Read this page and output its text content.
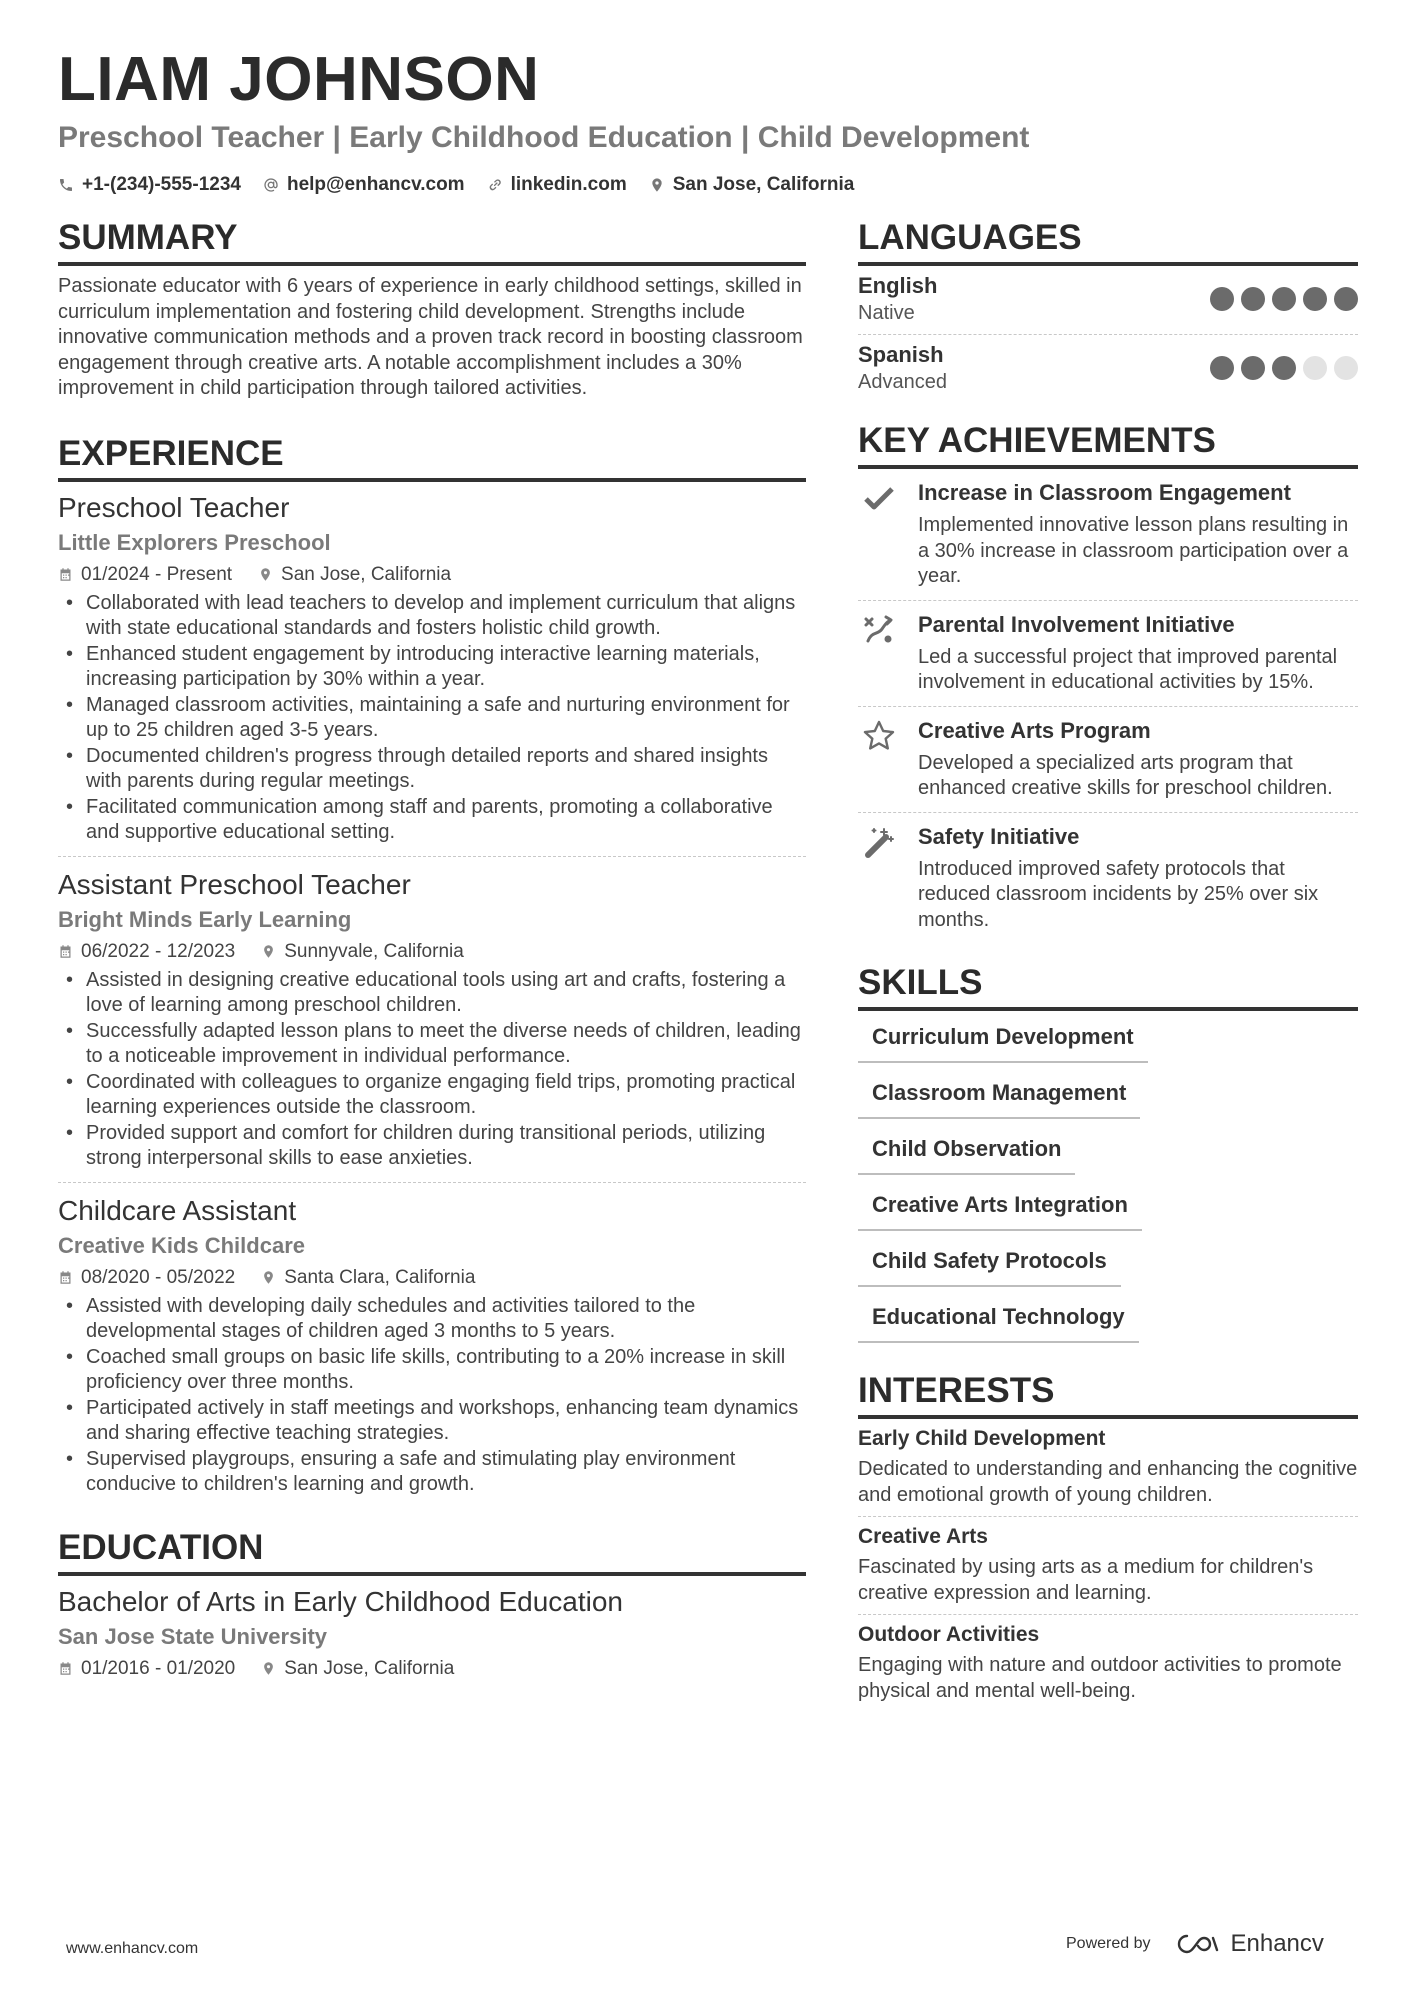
LIAM JOHNSON
Preschool Teacher | Early Childhood Education | Child Development
+1-(234)-555-1234 help@enhancv.com linkedin.com San Jose, California
SUMMARY
Passionate educator with 6 years of experience in early childhood settings, skilled in curriculum implementation and fostering child development. Strengths include innovative communication methods and a proven track record in boosting classroom engagement through creative arts. A notable accomplishment includes a 30% improvement in child participation through tailored activities.
EXPERIENCE
Preschool Teacher
Little Explorers Preschool
01/2024 - Present	San Jose, California
• Collaborated with lead teachers to develop and implement curriculum that aligns with state educational standards and fosters holistic child growth.
• Enhanced student engagement by introducing interactive learning materials, increasing participation by 30% within a year.
• Managed classroom activities, maintaining a safe and nurturing environment for up to 25 children aged 3-5 years.
• Documented children's progress through detailed reports and shared insights with parents during regular meetings.
• Facilitated communication among staff and parents, promoting a collaborative and supportive educational setting.
Assistant Preschool Teacher
Bright Minds Early Learning
06/2022 - 12/2023	Sunnyvale, California
• Assisted in designing creative educational tools using art and crafts, fostering a love of learning among preschool children.
• Successfully adapted lesson plans to meet the diverse needs of children, leading to a noticeable improvement in individual performance.
• Coordinated with colleagues to organize engaging field trips, promoting practical learning experiences outside the classroom.
• Provided support and comfort for children during transitional periods, utilizing strong interpersonal skills to ease anxieties.
Childcare Assistant
Creative Kids Childcare
08/2020 - 05/2022	Santa Clara, California
• Assisted with developing daily schedules and activities tailored to the developmental stages of children aged 3 months to 5 years.
• Coached small groups on basic life skills, contributing to a 20% increase in skill proficiency over three months.
• Participated actively in staff meetings and workshops, enhancing team dynamics and sharing effective teaching strategies.
• Supervised playgroups, ensuring a safe and stimulating play environment conducive to children's learning and growth.
EDUCATION
Bachelor of Arts in Early Childhood Education
San Jose State University
01/2016 - 01/2020	San Jose, California
LANGUAGES
English
Native
Spanish
Advanced
KEY ACHIEVEMENTS
Increase in Classroom Engagement
Implemented innovative lesson plans resulting in a 30% increase in classroom participation over a year.
Parental Involvement Initiative
Led a successful project that improved parental involvement in educational activities by 15%.
Creative Arts Program
Developed a specialized arts program that enhanced creative skills for preschool children.
Safety Initiative
Introduced improved safety protocols that reduced classroom incidents by 25% over six months.
SKILLS
Curriculum Development
Classroom Management
Child Observation
Creative Arts Integration
Child Safety Protocols
Educational Technology
INTERESTS
Early Child Development
Dedicated to understanding and enhancing the cognitive and emotional growth of young children.
Creative Arts
Fascinated by using arts as a medium for children's creative expression and learning.
Outdoor Activities
Engaging with nature and outdoor activities to promote physical and mental well-being.
www.enhancv.com	Powered by	Enhancv
